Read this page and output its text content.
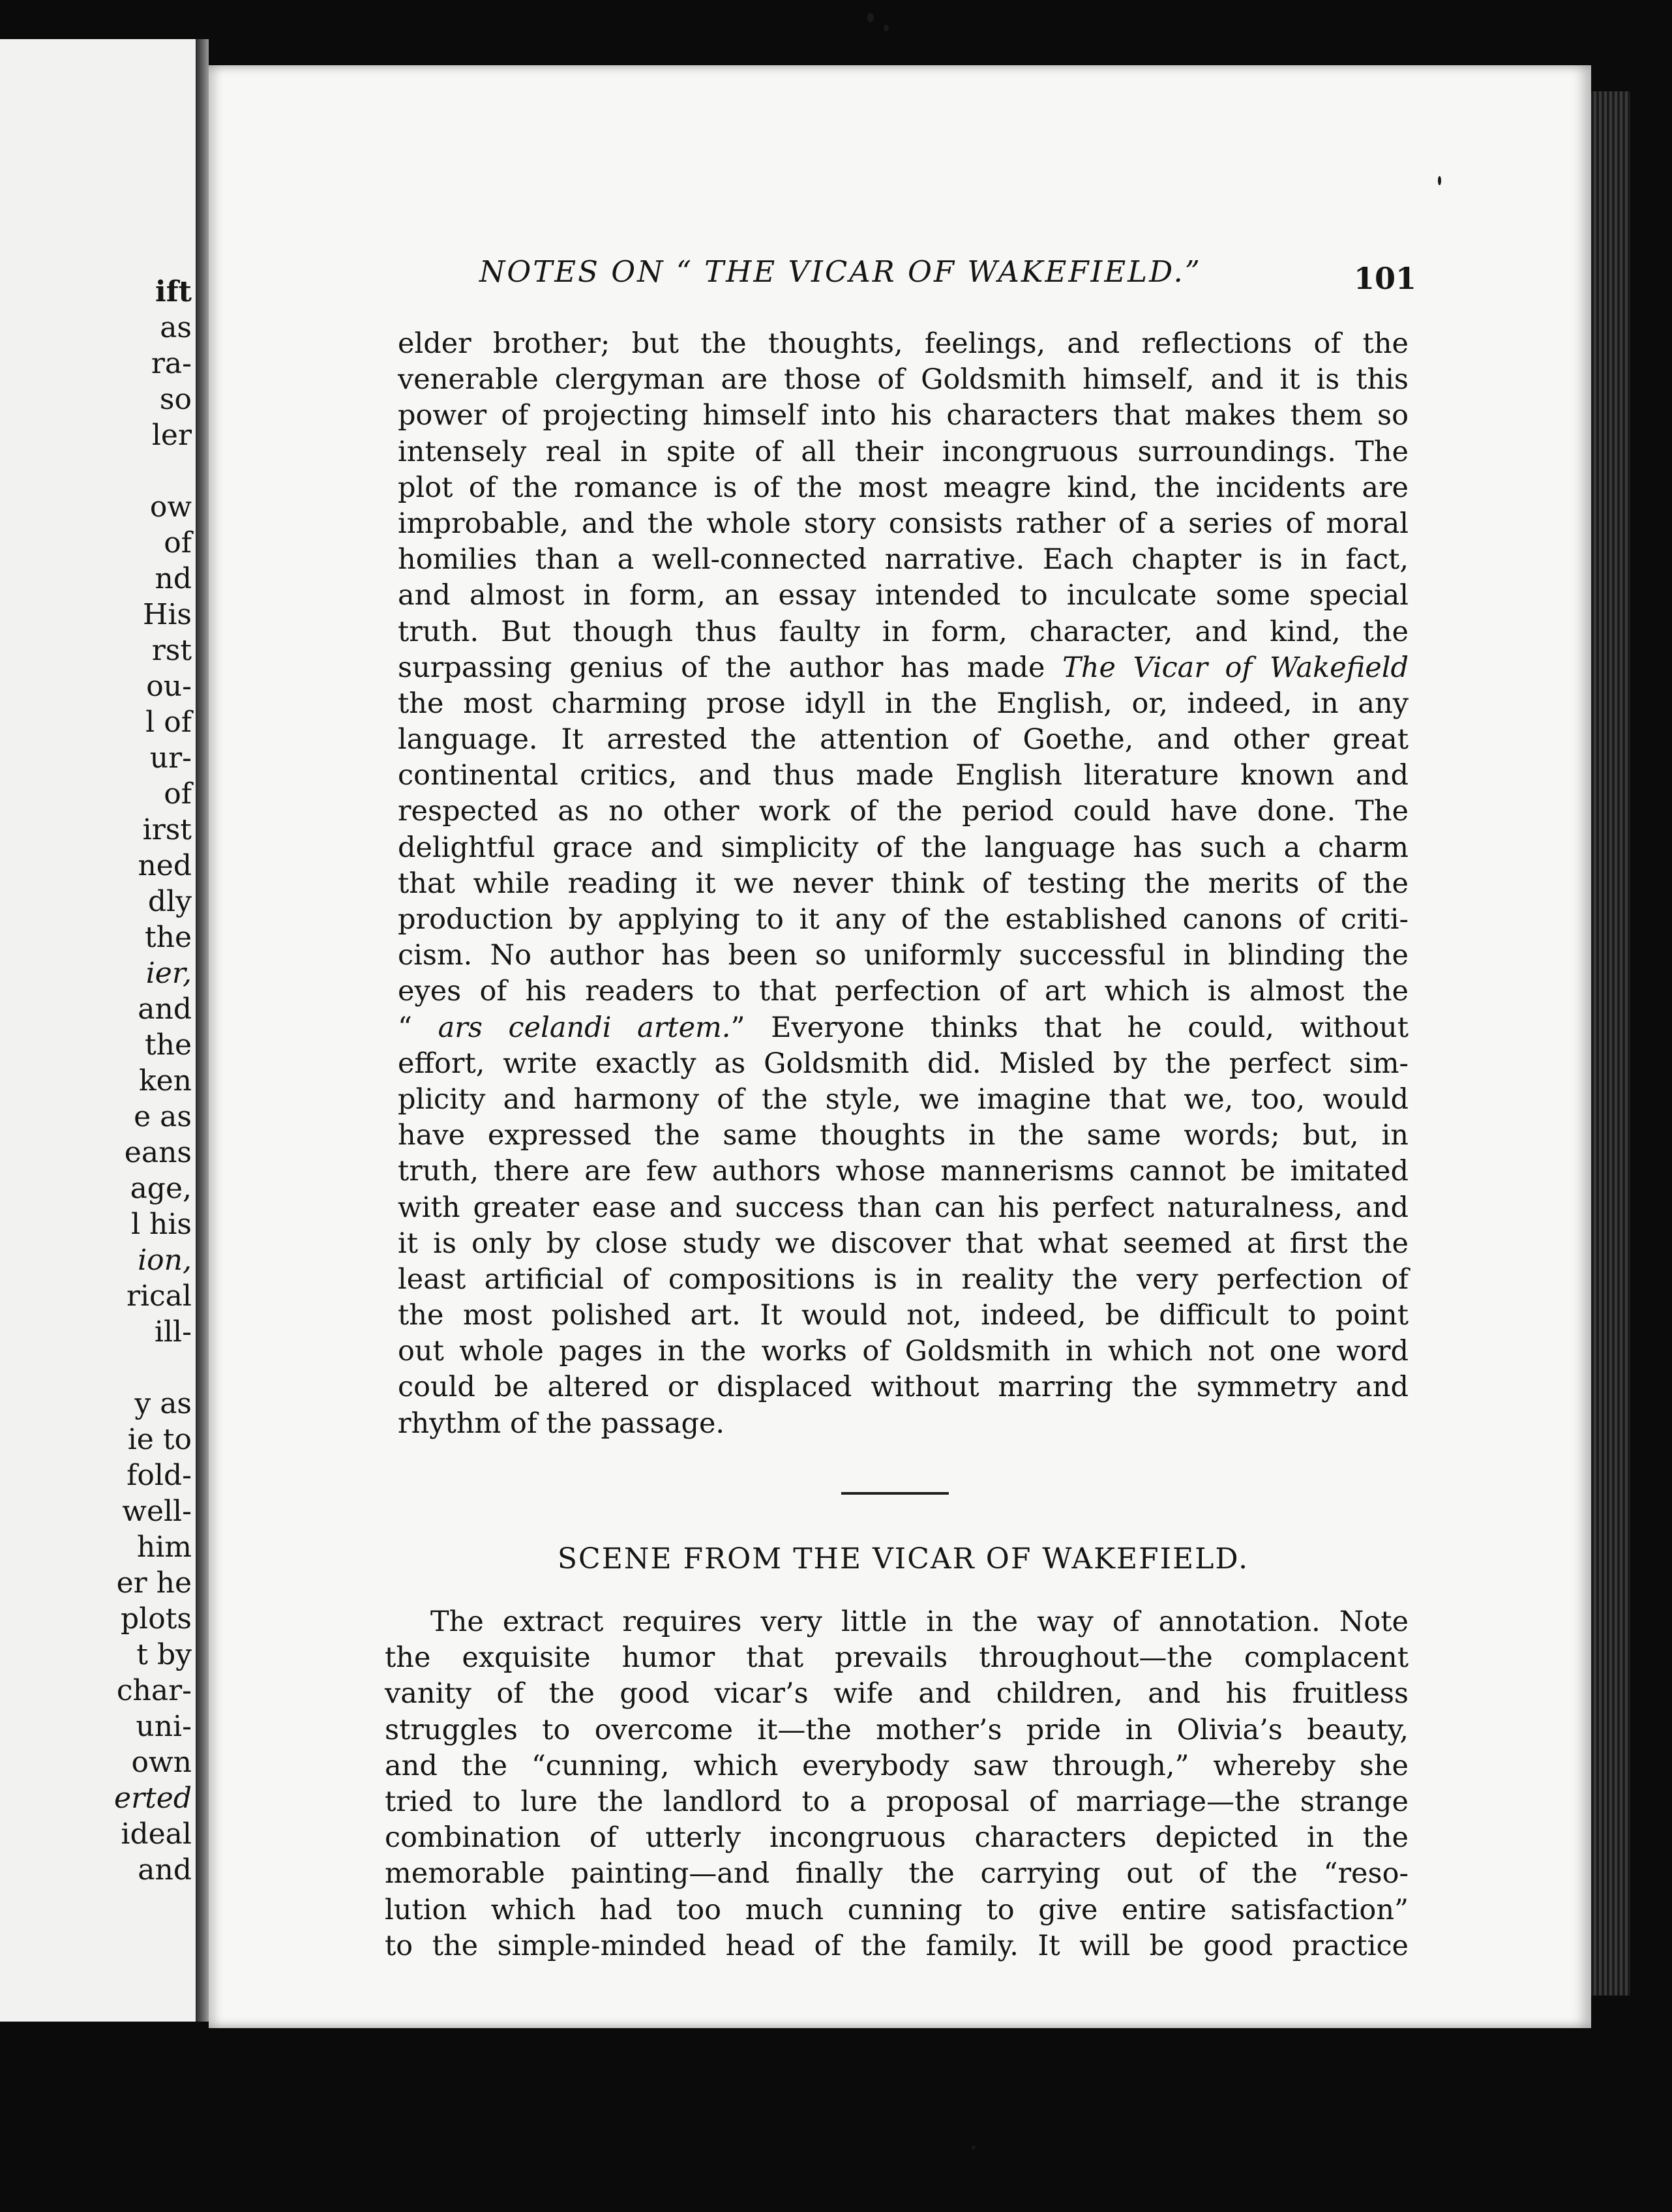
ift
as
ra-
so
ler
ow
of
nd
His
rst
ou-
l of
ur-
of
irst
ned
dly
the
ier,
and
the
ken
e as
eans
age,
l his
ion,
rical
ill-
y as
ie to
fold-
well-
him
er he
plots
t by
char-
uni-
own
erted
ideal
and
NOTES ON “ THE VICAR OF WAKEFIELD.”	101
elder brother; but the thoughts, feelings, and reflections of the
venerable clergyman are those of Goldsmith himself, and it is this
power of projecting himself into his characters that makes them so
intensely real in spite of all their incongruous surroundings. The
plot of the romance is of the most meagre kind, the incidents are
improbable, and the whole story consists rather of a series of moral
homilies than a well-connected narrative. Each chapter is in fact,
and almost in form, an essay intended to inculcate some special
truth. But though thus faulty in form, character, and kind, the
surpassing genius of the author has made The Vicar of Wakefield
the most charming prose idyll in the English, or, indeed, in any
language. It arrested the attention of Goethe, and other great
continental critics, and thus made English literature known and
respected as no other work of the period could have done. The
delightful grace and simplicity of the language has such a charm
that while reading it we never think of testing the merits of the
production by applying to it any of the established canons of criti-
cism. No author has been so uniformly successful in blinding the
eyes of his readers to that perfection of art which is almost the
“ ars celandi artem.” Everyone thinks that he could, without
effort, write exactly as Goldsmith did. Misled by the perfect sim-
plicity and harmony of the style, we imagine that we, too, would
have expressed the same thoughts in the same words; but, in
truth, there are few authors whose mannerisms cannot be imitated
with greater ease and success than can his perfect naturalness, and
it is only by close study we discover that what seemed at first the
least artificial of compositions is in reality the very perfection of
the most polished art. It would not, indeed, be difficult to point
out whole pages in the works of Goldsmith in which not one word
could be altered or displaced without marring the symmetry and
rhythm of the passage.
SCENE FROM THE VICAR OF WAKEFIELD.
The extract requires very little in the way of annotation. Note
the exquisite humor that prevails throughout—the complacent
vanity of the good vicar’s wife and children, and his fruitless
struggles to overcome it—the mother’s pride in Olivia’s beauty,
and the “cunning, which everybody saw through,” whereby she
tried to lure the landlord to a proposal of marriage—the strange
combination of utterly incongruous characters depicted in the
memorable painting—and finally the carrying out of the “reso-
lution which had too much cunning to give entire satisfaction”
to the simple-minded head of the family. It will be good practice
